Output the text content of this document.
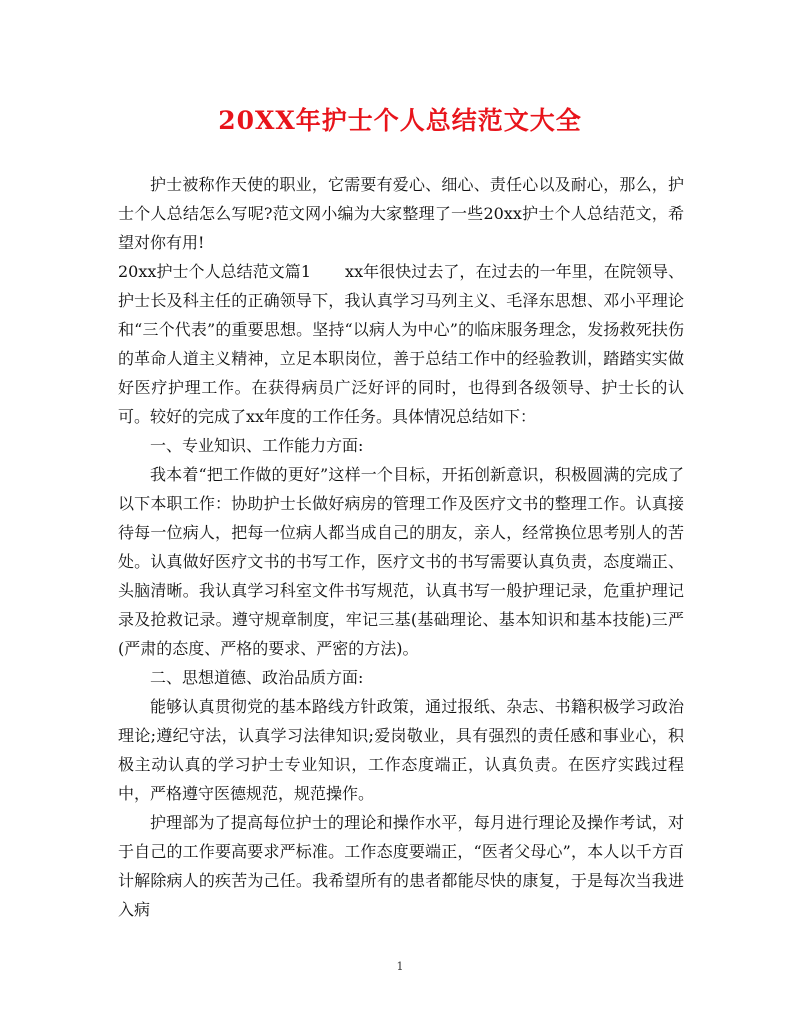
20XX年护士个人总结范文大全

护士被称作天使的职业，它需要有爱心、细心、责任心以及耐心，那么，护士个人总结怎么写呢?范文网小编为大家整理了一些20xx护士个人总结范文，希望对你有用!

20xx护士个人总结范文篇1 xx年很快过去了，在过去的一年里，在院领导、护士长及科主任的正确领导下，我认真学习马列主义、毛泽东思想、邓小平理论和“三个代表”的重要思想。坚持“以病人为中心”的临床服务理念，发扬救死扶伤的革命人道主义精神，立足本职岗位，善于总结工作中的经验教训，踏踏实实做好医疗护理工作。在获得病员广泛好评的同时，也得到各级领导、护士长的认可。较好的完成了xx年度的工作任务。具体情况总结如下：

一、专业知识、工作能力方面:

我本着“把工作做的更好”这样一个目标，开拓创新意识，积极圆满的完成了以下本职工作：协助护士长做好病房的管理工作及医疗文书的整理工作。认真接待每一位病人，把每一位病人都当成自己的朋友，亲人，经常换位思考别人的苦处。认真做好医疗文书的书写工作，医疗文书的书写需要认真负责，态度端正、头脑清晰。我认真学习科室文件书写规范，认真书写一般护理记录，危重护理记录及抢救记录。遵守规章制度，牢记三基(基础理论、基本知识和基本技能)三严(严肃的态度、严格的要求、严密的方法)。

二、思想道德、政治品质方面:

能够认真贯彻党的基本路线方针政策，通过报纸、杂志、书籍积极学习政治理论;遵纪守法，认真学习法律知识;爱岗敬业，具有强烈的责任感和事业心，积极主动认真的学习护士专业知识，工作态度端正，认真负责。在医疗实践过程中，严格遵守医德规范，规范操作。

护理部为了提高每位护士的理论和操作水平，每月进行理论及操作考试，对于自己的工作要高要求严标准。工作态度要端正，“医者父母心”，本人以千方百计解除病人的疾苦为己任。我希望所有的患者都能尽快的康复，于是每次当我进入病

1
